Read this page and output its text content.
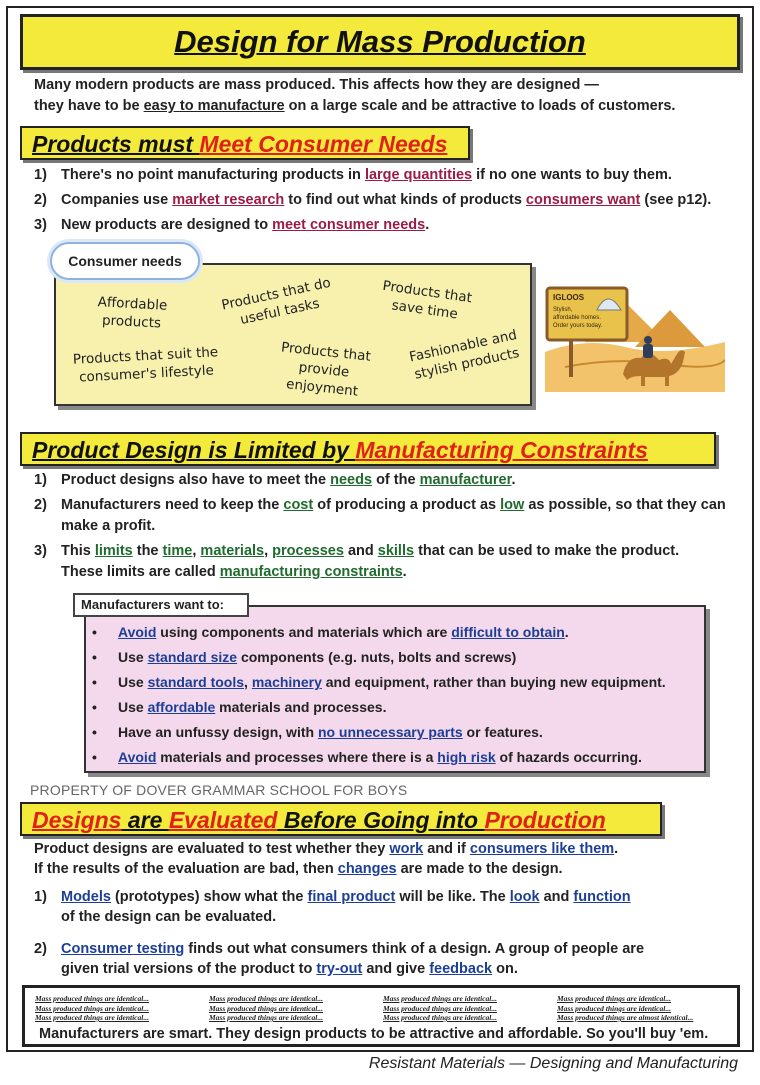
Design for Mass Production
Many modern products are mass produced. This affects how they are designed —
they have to be easy to manufacture on a large scale and be attractive to loads of customers.
Products must Meet Consumer Needs
1) There's no point manufacturing products in large quantities if no one wants to buy them.
2) Companies use market research to find out what kinds of products consumers want (see p12).
3) New products are designed to meet consumer needs.
Affordable products
Products that do useful tasks
Products that save time
Products that suit the consumer's lifestyle
Products that provide enjoyment
Fashionable and stylish products
Consumer needs
IGLOOS
Stylish,
affordable homes.
Order yours today.
Product Design is Limited by Manufacturing Constraints
1) Product designs also have to meet the needs of the manufacturer.
2) Manufacturers need to keep the cost of producing a product as low as possible, so that they can
make a profit.
3) This limits the time, materials, processes and skills that can be used to make the product.
These limits are called manufacturing constraints.
Manufacturers want to:
•	Avoid using components and materials which are difficult to obtain.
•	Use standard size components (e.g. nuts, bolts and screws)
•	Use standard tools, machinery and equipment, rather than buying new equipment.
•	Use affordable materials and processes.
•	Have an unfussy design, with no unnecessary parts or features.
•	Avoid materials and processes where there is a high risk of hazards occurring.
PROPERTY OF DOVER GRAMMAR SCHOOL FOR BOYS
Designs are Evaluated Before Going into Production
Product designs are evaluated to test whether they work and if consumers like them.
If the results of the evaluation are bad, then changes are made to the design.
1) Models (prototypes) show what the final product will be like. The look and function
of the design can be evaluated.
2) Consumer testing finds out what consumers think of a design. A group of people are
given trial versions of the product to try-out and give feedback on.
Mass produced things are identical...
Mass produced things are identical...
Mass produced things are identical...
Mass produced things are identical...
Mass produced things are identical...
Mass produced things are identical...
Mass produced things are identical...
Mass produced things are identical...
Mass produced things are identical...
Mass produced things are identical...
Mass produced things are identical...
Mass produced things are almost identical...
Manufacturers are smart. They design products to be attractive and affordable. So you'll buy 'em.
Resistant Materials — Designing and Manufacturing
